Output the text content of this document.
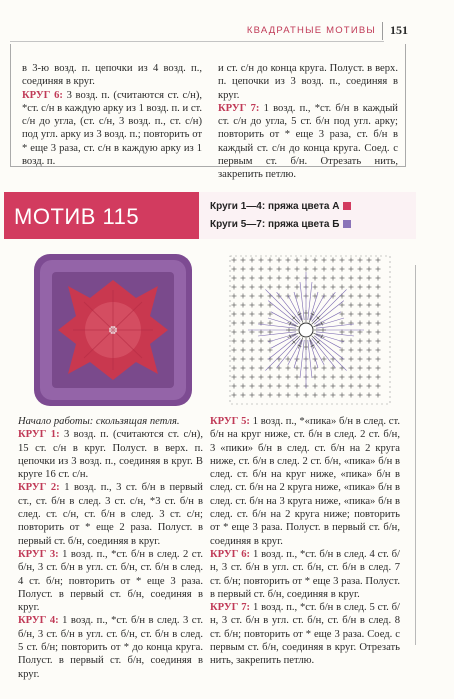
КВАДРАТНЫЕ МОТИВЫ 151

в 3-ю возд. п. цепочки из 4 возд. п., соединяя в круг.

КРУГ 6: 3 возд. п. (считаются ст. с/н), *ст. с/н в каждую арку из 1 возд. п. и ст. с/н до угла, (ст. с/н, 3 возд. п., ст. с/н) под угл. арку из 3 возд. п.; повторить от * еще 3 раза, ст. с/н в каждую арку из 1 возд. п.

и ст. с/н до конца круга. Полуст. в верх. п. цепочки из 3 возд. п., соединяя в круг.

КРУГ 7: 1 возд. п., *ст. б/н в каждый ст. с/н до угла, 5 ст. б/н под угл. арку; повторить от * еще 3 раза, ст. б/н в каждый ст. с/н до конца круга. Соед. с первым ст. б/н. Отрезать нить, закрепить петлю.

МОТИВ 115	Круги 1—4: пряжа цвета А
Круги 5—7: пряжа цвета Б

Начало работы: скользящая петля.

КРУГ 1: 3 возд. п. (считаются ст. с/н), 15 ст. с/н в круг. Полуст. в верх. п. цепочки из 3 возд. п., соединяя в круг. В круге 16 ст. с/н.

КРУГ 2: 1 возд. п., 3 ст. б/н в первый ст., ст. б/н в след. 3 ст. с/н, *3 ст. б/н в след. ст. с/н, ст. б/н в след. 3 ст. с/н; повторить от * еще 2 раза. Полуст. в первый ст. б/н, соединяя в круг.

КРУГ 3: 1 возд. п., *ст. б/н в след. 2 ст. б/н, 3 ст. б/н в угл. ст. б/н, ст. б/н в след. 4 ст. б/н; повторить от * еще 3 раза. Полуст. в первый ст. б/н, соединяя в круг.

КРУГ 4: 1 возд. п., *ст. б/н в след. 3 ст. б/н, 3 ст. б/н в угл. ст. б/н, ст. б/н в след. 5 ст. б/н; повторить от * до конца круга. Полуст. в первый ст. б/н, соединяя в круг.

КРУГ 5: 1 возд. п., *«пика» б/н в след. ст. б/н на круг ниже, ст. б/н в след. 2 ст. б/н, 3 «пики» б/н в след. ст. б/н на 2 круга ниже, ст. б/н в след. 2 ст. б/н, «пика» б/н в след. ст. б/н на круг ниже, «пика» б/н в след. ст. б/н на 2 круга ниже, «пика» б/н в след. ст. б/н на 3 круга ниже, «пика» б/н в след. ст. б/н на 2 круга ниже; повторить от * еще 3 раза. Полуст. в первый ст. б/н, соединяя в круг.

КРУГ 6: 1 возд. п., *ст. б/н в след. 4 ст. б/н, 3 ст. б/н в угл. ст. б/н, ст. б/н в след. 7 ст. б/н; повторить от * еще 3 раза. Полуст. в первый ст. б/н, соединяя в круг.

КРУГ 7: 1 возд. п., *ст. б/н в след. 5 ст. б/н, 3 ст. б/н в угл. ст. б/н, ст. б/н в след. 8 ст. б/н; повторить от * еще 3 раза. Соед. с первым ст. б/н, соединяя в круг. Отрезать нить, закрепить петлю.
